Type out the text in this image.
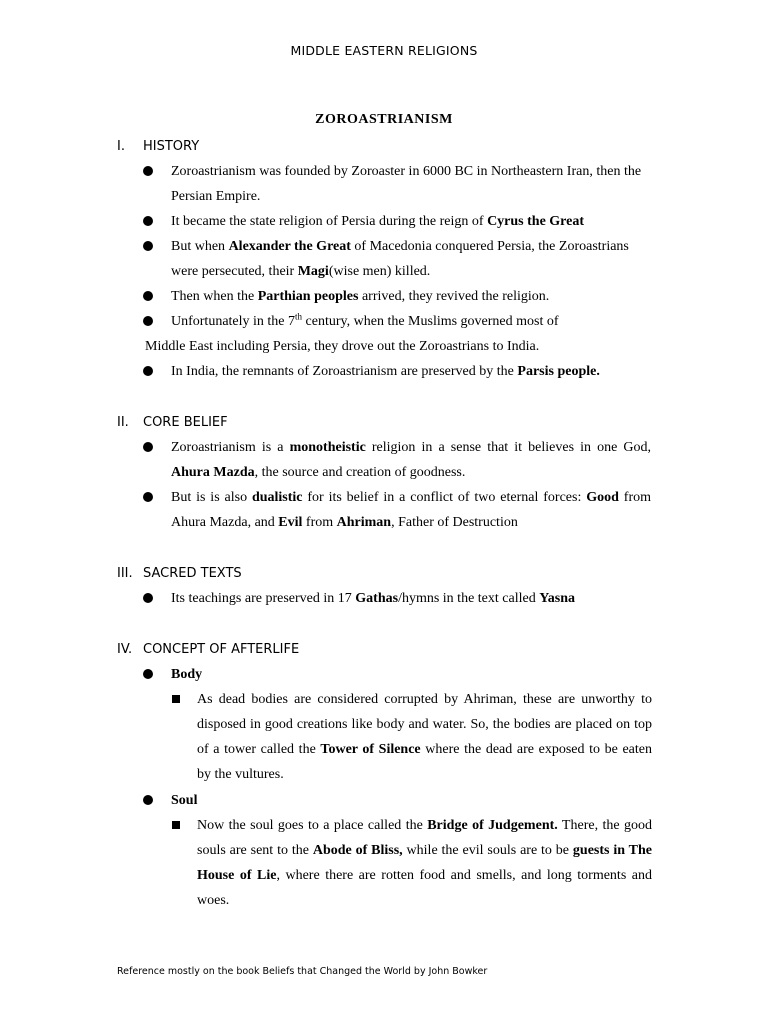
MIDDLE EASTERN RELIGIONS
ZOROASTRIANISM
I. HISTORY
Zoroastrianism was founded by Zoroaster in 6000 BC in Northeastern Iran, then the Persian Empire.
It became the state religion of Persia during the reign of Cyrus the Great
But when Alexander the Great of Macedonia conquered Persia, the Zoroastrians were persecuted, their Magi(wise men) killed.
Then when the Parthian peoples arrived, they revived the religion.
Unfortunately in the 7th century, when the Muslims governed most of
Middle East including Persia, they drove out the Zoroastrians to India.
In India, the remnants of Zoroastrianism are preserved by the Parsis people.
II. CORE BELIEF
Zoroastrianism is a monotheistic religion in a sense that it believes in one God, Ahura Mazda, the source and creation of goodness.
But is is also dualistic for its belief in a conflict of two eternal forces: Good from Ahura Mazda, and Evil from Ahriman, Father of Destruction
III. SACRED TEXTS
Its teachings are preserved in 17 Gathas/hymns in the text called Yasna
IV. CONCEPT OF AFTERLIFE
Body
As dead bodies are considered corrupted by Ahriman, these are unworthy to disposed in good creations like body and water. So, the bodies are placed on top of a tower called the Tower of Silence where the dead are exposed to be eaten by the vultures.
Soul
Now the soul goes to a place called the Bridge of Judgement. There, the good souls are sent to the Abode of Bliss, while the evil souls are to be guests in The House of Lie, where there are rotten food and smells, and long torments and woes.
Reference mostly on the book Beliefs that Changed the World by John Bowker
